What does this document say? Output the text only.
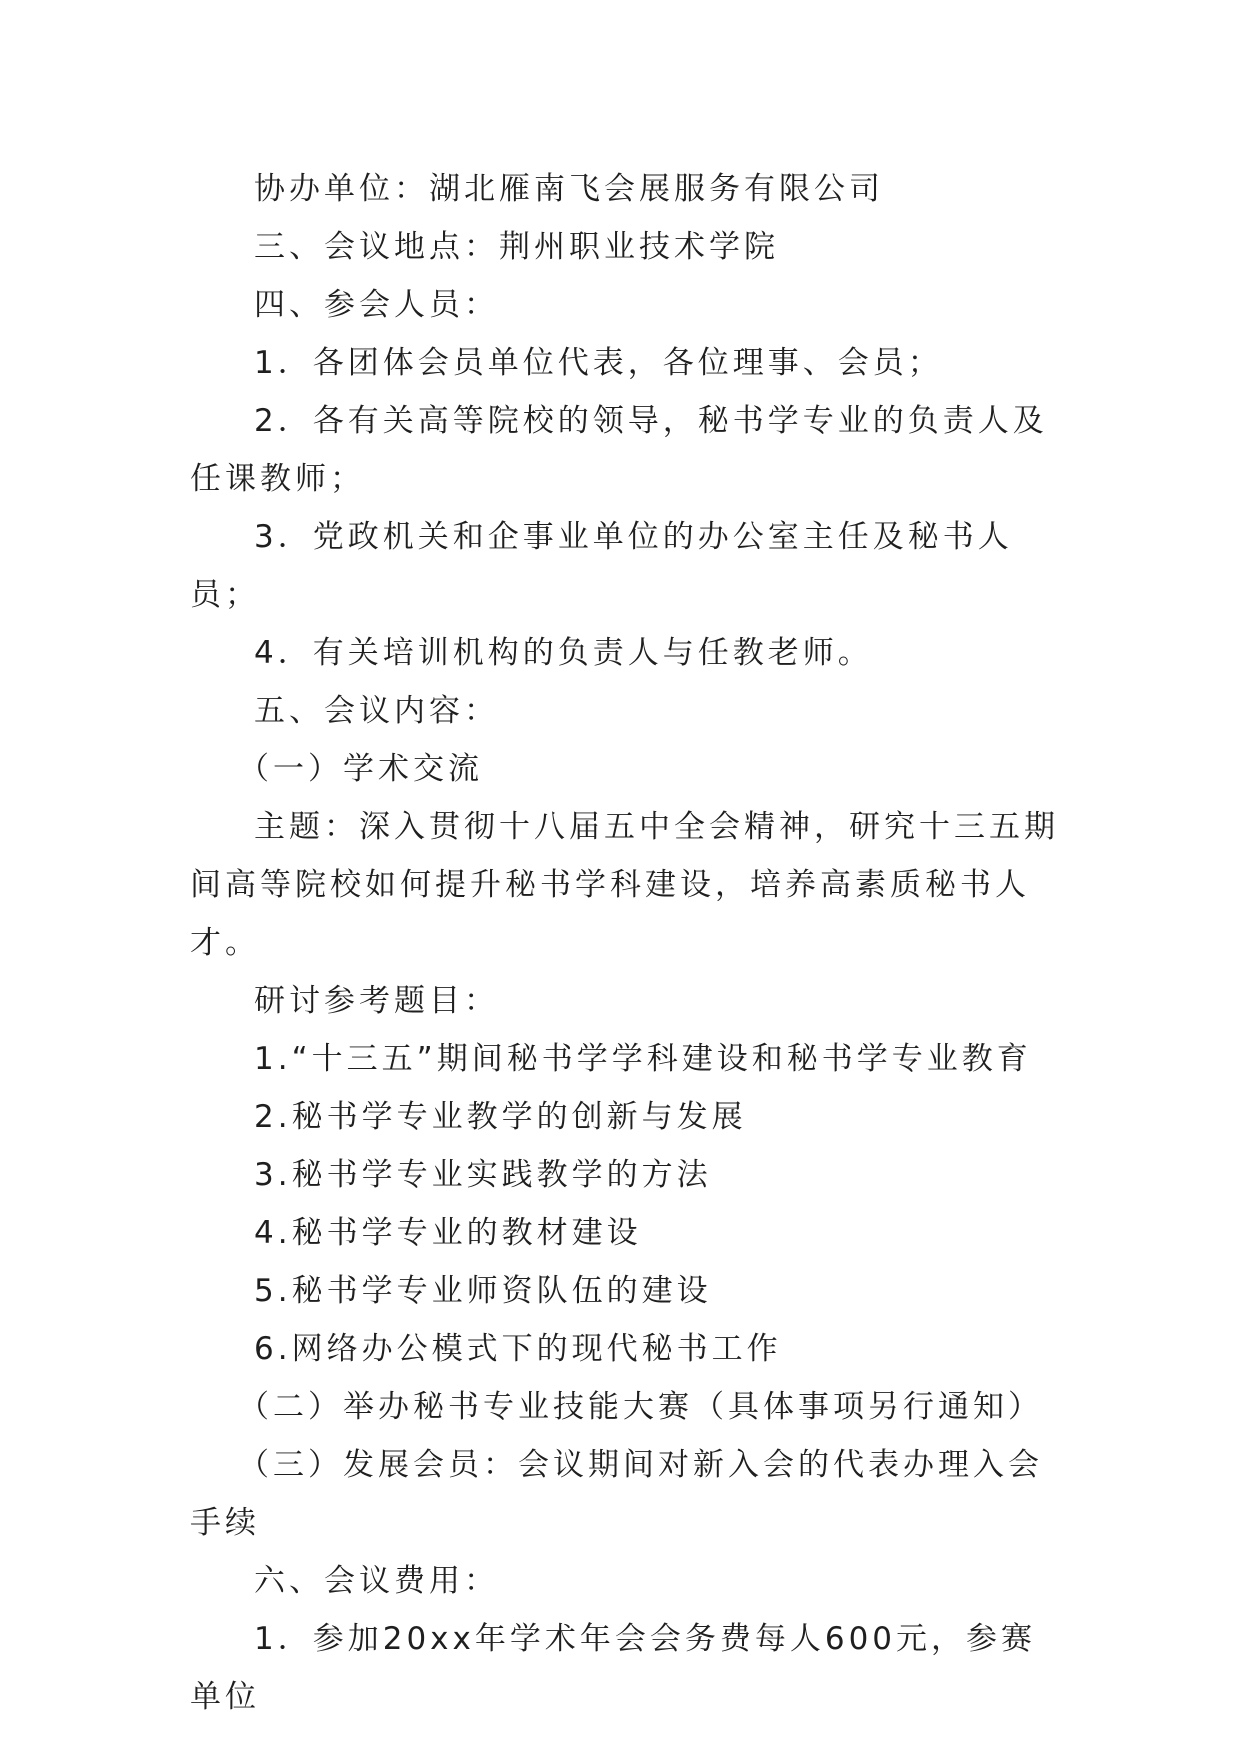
协办单位：湖北雁南飞会展服务有限公司

三、会议地点：荆州职业技术学院

四、参会人员：

1．各团体会员单位代表，各位理事、会员；

2．各有关高等院校的领导，秘书学专业的负责人及任课教师；

3．党政机关和企事业单位的办公室主任及秘书人员；

4．有关培训机构的负责人与任教老师。

五、会议内容：

（一）学术交流

主题：深入贯彻十八届五中全会精神，研究十三五期间高等院校如何提升秘书学科建设，培养高素质秘书人才。

研讨参考题目：

1.“十三五”期间秘书学学科建设和秘书学专业教育

2.秘书学专业教学的创新与发展

3.秘书学专业实践教学的方法

4.秘书学专业的教材建设

5.秘书学专业师资队伍的建设

6.网络办公模式下的现代秘书工作

（二）举办秘书专业技能大赛（具体事项另行通知）

（三）发展会员：会议期间对新入会的代表办理入会手续

六、会议费用：

1．参加20xx年学术年会会务费每人600元，参赛单位
